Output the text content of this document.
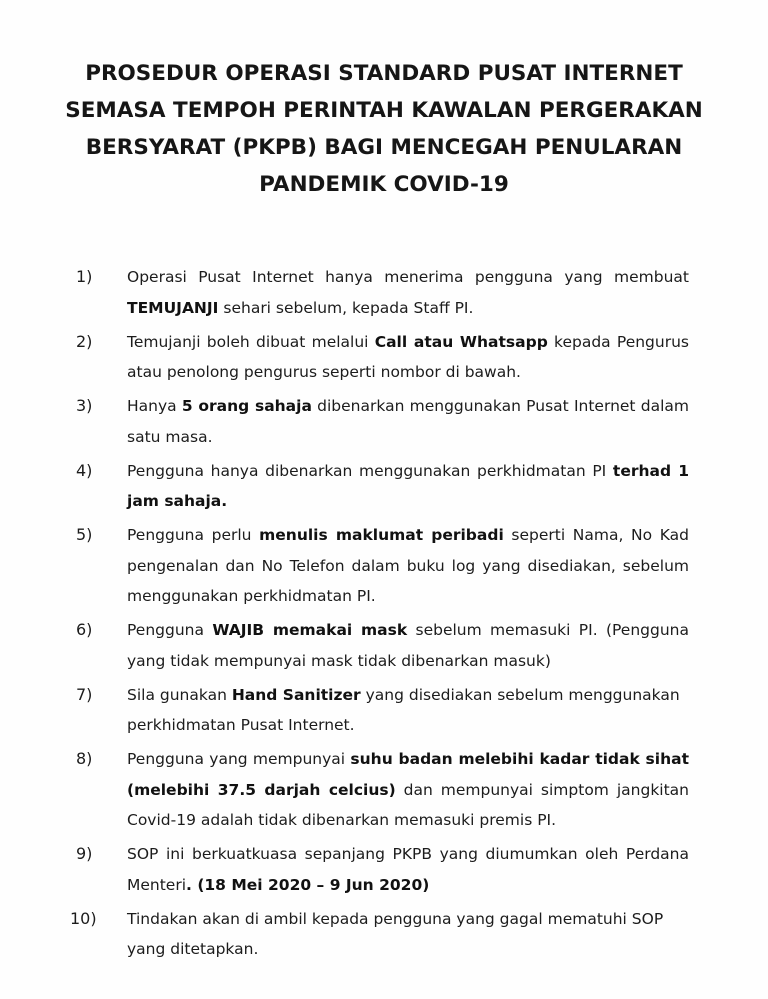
PROSEDUR OPERASI STANDARD PUSAT INTERNET
SEMASA TEMPOH PERINTAH KAWALAN PERGERAKAN
BERSYARAT (PKPB) BAGI MENCEGAH PENULARAN
PANDEMIK COVID-19
1) Operasi Pusat Internet hanya menerima pengguna yang membuat TEMUJANJI sehari sebelum, kepada Staff PI.
2) Temujanji boleh dibuat melalui Call atau Whatsapp kepada Pengurus atau penolong pengurus seperti nombor di bawah.
3) Hanya 5 orang sahaja dibenarkan menggunakan Pusat Internet dalam satu masa.
4) Pengguna hanya dibenarkan menggunakan perkhidmatan PI terhad 1 jam sahaja.
5) Pengguna perlu menulis maklumat peribadi seperti Nama, No Kad pengenalan dan No Telefon dalam buku log yang disediakan, sebelum menggunakan perkhidmatan PI.
6) Pengguna WAJIB memakai mask sebelum memasuki PI. (Pengguna yang tidak mempunyai mask tidak dibenarkan masuk)
7) Sila gunakan Hand Sanitizer yang disediakan sebelum menggunakan perkhidmatan Pusat Internet.
8) Pengguna yang mempunyai suhu badan melebihi kadar tidak sihat (melebihi 37.5 darjah celcius) dan mempunyai simptom jangkitan Covid-19 adalah tidak dibenarkan memasuki premis PI.
9) SOP ini berkuatkuasa sepanjang PKPB yang diumumkan oleh Perdana Menteri. (18 Mei 2020 – 9 Jun 2020)
10) Tindakan akan di ambil kepada pengguna yang gagal mematuhi SOP yang ditetapkan.
